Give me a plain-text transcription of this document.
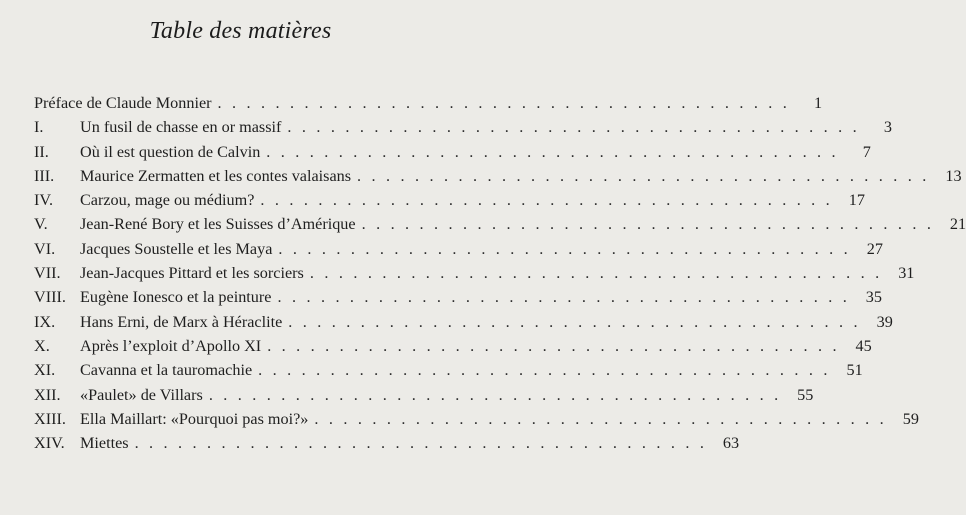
Table des matières
Préface de Claude Monnier . . . . . . . . . . . . . . . . . . . . . . . . . . . . . . . . . . . . . . . .	1
I.	Un fusil de chasse en or massif . . . . . . . . . . . . . . . . . . . . . . . . . . . . . . . . . . . . . . . .	3
II.	Où il est question de Calvin . . . . . . . . . . . . . . . . . . . . . . . . . . . . . . . . . . . . . . . .	7
III.	Maurice Zermatten et les contes valaisans . . . . . . . . . . . . . . . . . . . . . . . . . . . . . . . . . . . . . . . . 13
IV.	Carzou, mage ou médium? . . . . . . . . . . . . . . . . . . . . . . . . . . . . . . . . . . . . . . . . 17
V.	Jean-René Bory et les Suisses d’Amérique . . . . . . . . . . . . . . . . . . . . . . . . . . . . . . . . . . . . . . . . 21
VI.	Jacques Soustelle et les Maya . . . . . . . . . . . . . . . . . . . . . . . . . . . . . . . . . . . . . . . . 27
VII.	Jean-Jacques Pittard et les sorciers . . . . . . . . . . . . . . . . . . . . . . . . . . . . . . . . . . . . . . . . 31
VIII. Eugène Ionesco et la peinture . . . . . . . . . . . . . . . . . . . . . . . . . . . . . . . . . . . . . . . . 35
IX.	Hans Erni, de Marx à Héraclite . . . . . . . . . . . . . . . . . . . . . . . . . . . . . . . . . . . . . . . . 39
X.	Après l’exploit d’Apollo XI . . . . . . . . . . . . . . . . . . . . . . . . . . . . . . . . . . . . . . . . 45
XI.	Cavanna et la tauromachie . . . . . . . . . . . . . . . . . . . . . . . . . . . . . . . . . . . . . . . . 51
XII.	«Paulet» de Villars . . . . . . . . . . . . . . . . . . . . . . . . . . . . . . . . . . . . . . . . 55
XIII. Ella Maillart: «Pourquoi pas moi?» . . . . . . . . . . . . . . . . . . . . . . . . . . . . . . . . . . . . . . . . 59
XIV. Miettes . . . . . . . . . . . . . . . . . . . . . . . . . . . . . . . . . . . . . . . . 63
